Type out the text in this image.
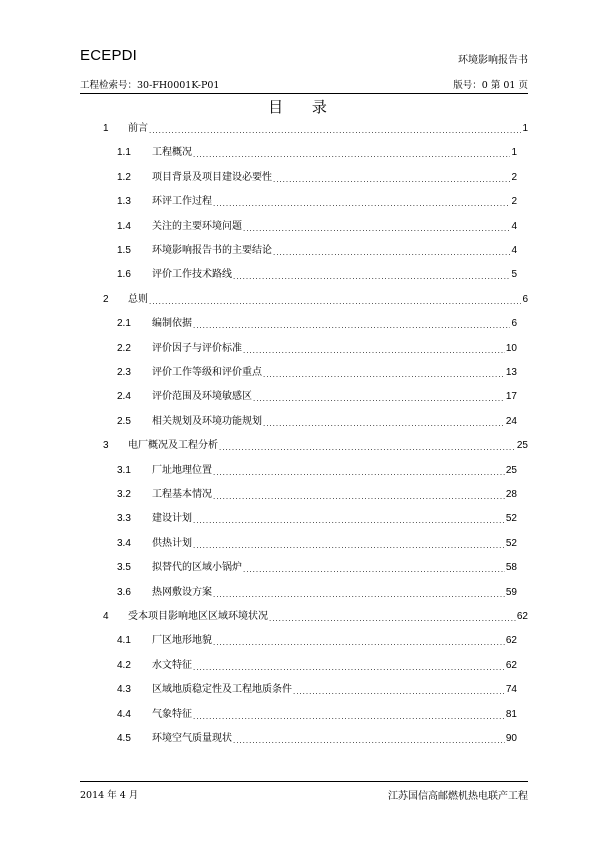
ECEPDI	环境影响报告书
工程检索号：30-FH0001K-P01	版号：0 第 01 页
目 录
1	前言 .....	1
1.1	工程概况 .....	1
1.2	项目背景及项目建设必要性 .....	2
1.3	环评工作过程 .....	2
1.4	关注的主要环境问题 .....	4
1.5	环境影响报告书的主要结论 .....	4
1.6	评价工作技术路线 .....	5
2	总则 .....	6
2.1	编制依据 .....	6
2.2	评价因子与评价标准 .....	10
2.3	评价工作等级和评价重点 .....	13
2.4	评价范围及环境敏感区 .....	17
2.5	相关规划及环境功能规划 .....	24
3	电厂概况及工程分析 .....	25
3.1	厂址地理位置 .....	25
3.2	工程基本情况 .....	28
3.3	建设计划 .....	52
3.4	供热计划 .....	52
3.5	拟替代的区域小锅炉 .....	58
3.6	热网敷设方案 .....	59
4	受本项目影响地区区域环境状况 .....	62
4.1	厂区地形地貌 .....	62
4.2	水文特征 .....	62
4.3	区域地质稳定性及工程地质条件 .....	74
4.4	气象特征 .....	81
4.5	环境空气质量现状 .....	90
2014 年 4 月	江苏国信高邮燃机热电联产工程
